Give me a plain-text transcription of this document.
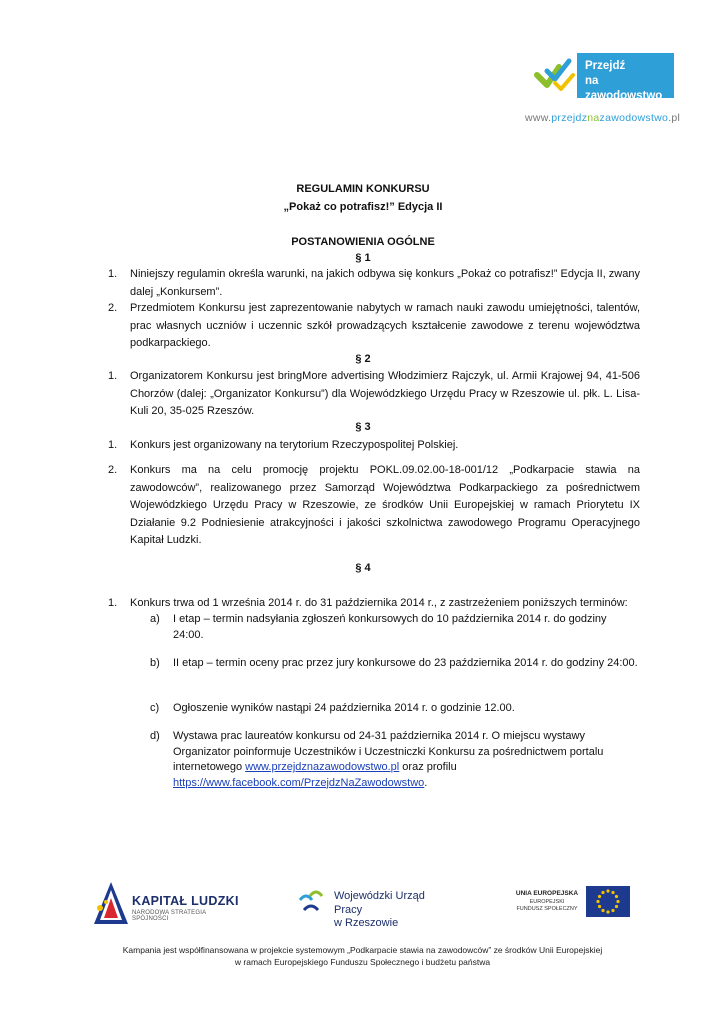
Przejdź
na zawodowstwo
www.przejdznazawodowstwo.pl
REGULAMIN KONKURSU
„Pokaż co potrafisz!” Edycja II
POSTANOWIENIA OGÓLNE
§ 1
1. Niniejszy regulamin określa warunki, na jakich odbywa się konkurs „Pokaż co potrafisz!” Edycja II, zwany dalej „Konkursem”.
2. Przedmiotem Konkursu jest zaprezentowanie nabytych w ramach nauki zawodu umiejętności, talentów, prac własnych uczniów i uczennic szkół prowadzących kształcenie zawodowe z terenu województwa podkarpackiego.
§ 2
1. Organizatorem Konkursu jest bringMore advertising Włodzimierz Rajczyk, ul. Armii Krajowej 94, 41-506 Chorzów (dalej: „Organizator Konkursu”) dla Wojewódzkiego Urzędu Pracy w Rzeszowie ul. płk. L. Lisa-Kuli 20, 35-025 Rzeszów.
§ 3
1. Konkurs jest organizowany na terytorium Rzeczypospolitej Polskiej.
2. Konkurs ma na celu promocję projektu POKL.09.02.00-18-001/12 „Podkarpacie stawia na zawodowców”, realizowanego przez Samorząd Województwa Podkarpackiego za pośrednictwem Wojewódzkiego Urzędu Pracy w Rzeszowie, ze środków Unii Europejskiej w ramach Priorytetu IX Działanie 9.2 Podniesienie atrakcyjności i jakości szkolnictwa zawodowego Programu Operacyjnego Kapitał Ludzki.
§ 4
1. Konkurs trwa od 1 września 2014 r. do 31 października 2014 r., z zastrzeżeniem poniższych terminów:
a) I etap – termin nadsyłania zgłoszeń konkursowych do 10 października 2014 r. do godziny 24:00.
b) II etap – termin oceny prac przez jury konkursowe do 23 października 2014 r. do godziny 24:00.
c) Ogłoszenie wyników nastąpi 24 października 2014 r. o godzinie 12.00.
d) Wystawa prac laureatów konkursu od 24-31 października 2014 r. O miejscu wystawy Organizator poinformuje Uczestników i Uczestniczki Konkursu za pośrednictwem portalu internetowego www.przejdznazawodowstwo.pl oraz profilu https://www.facebook.com/PrzejdzNaZawodowstwo.
KAPITAŁ LUDZKI
NARODOWA STRATEGIA SPÓJNOŚCI
Wojewódzki Urząd Pracy
w Rzeszowie
UNIA EUROPEJSKA
EUROPEJSKI
FUNDUSZ SPOŁECZNY
Kampania jest współfinansowana w projekcie systemowym „Podkarpacie stawia na zawodowców” ze środków Unii Europejskiej
w ramach Europejskiego Funduszu Społecznego i budżetu państwa
